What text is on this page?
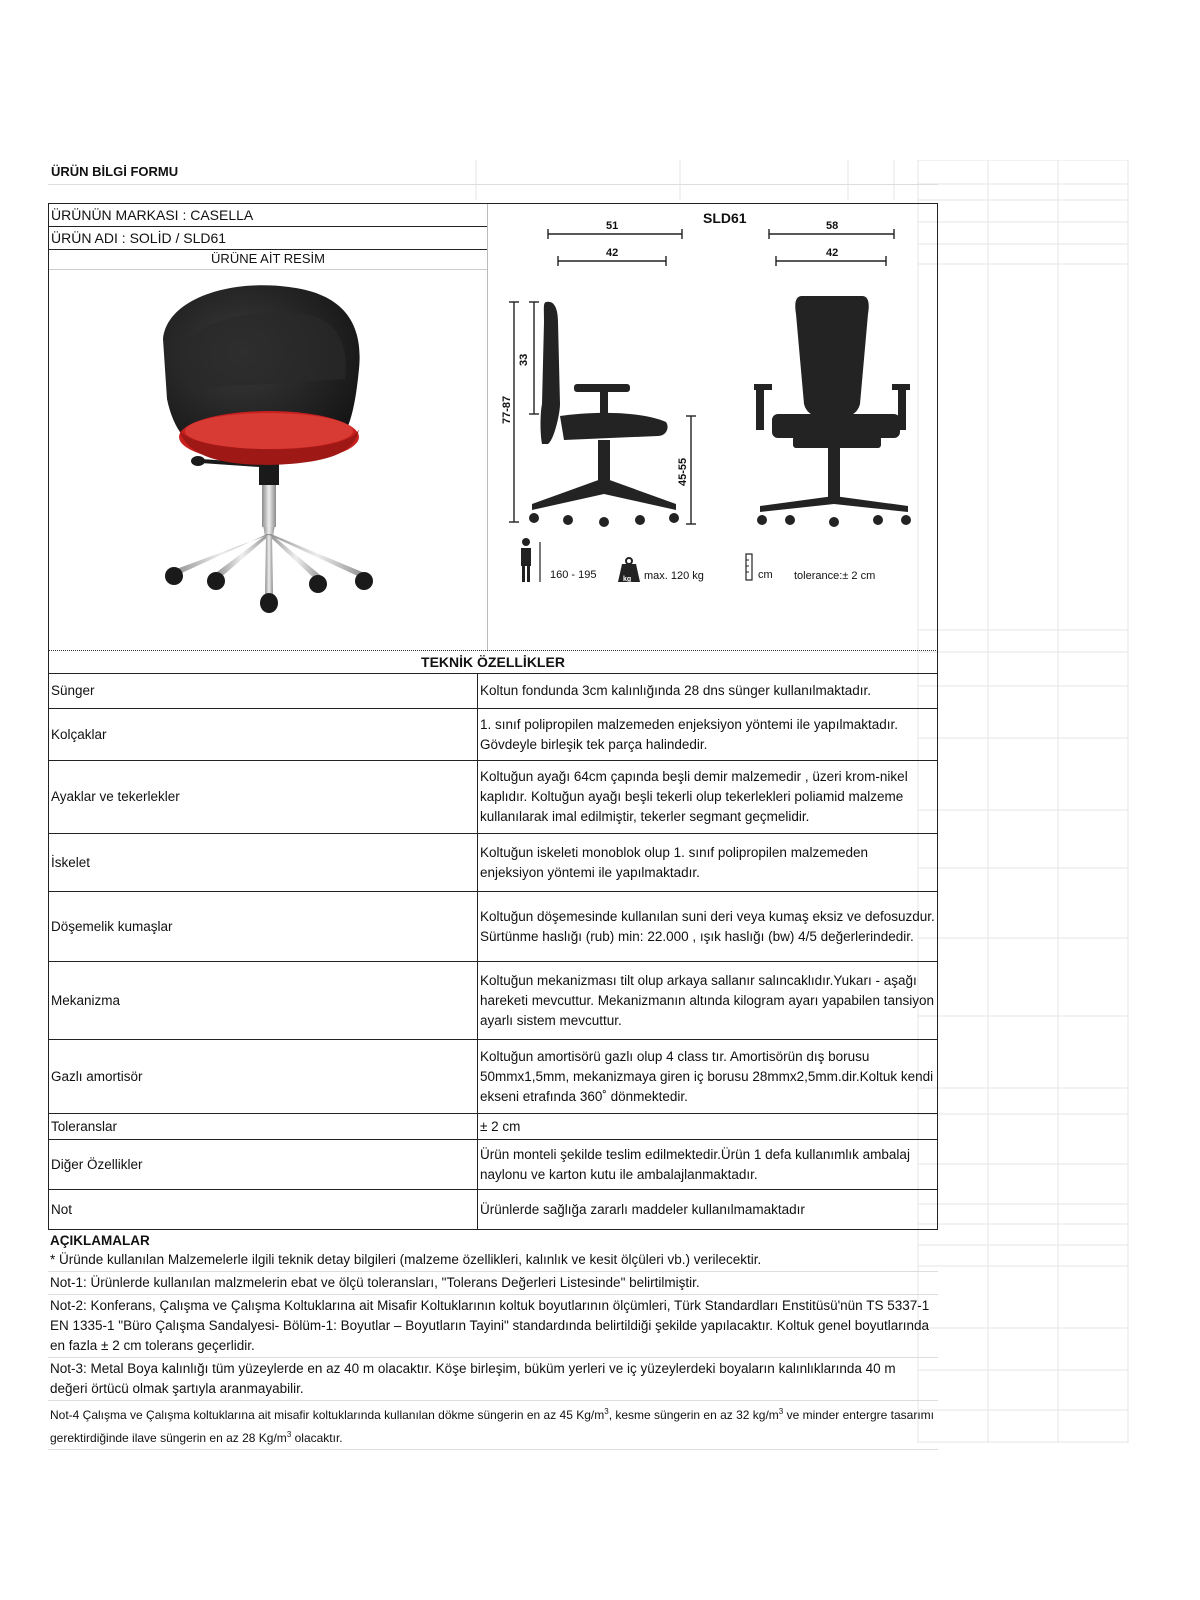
ÜRÜN BİLGİ FORMU
ÜRÜNÜN MARKASI : CASELLA
ÜRÜN ADI : SOLİD / SLD61
ÜRÜNE AİT RESİM
SLD61
51
42
58
42
33
77-87
45-55
160 - 195	kg max. 120 kg	cm tolerance:± 2 cm
TEKNİK ÖZELLİKLER
Sünger	Koltun fondunda 3cm kalınlığında 28 dns sünger kullanılmaktadır.
Kolçaklar	1. sınıf polipropilen malzemeden enjeksiyon yöntemi ile yapılmaktadır. Gövdeyle birleşik tek parça halindedir.
Ayaklar ve tekerlekler	Koltuğun ayağı 64cm çapında beşli demir malzemedir , üzeri krom-nikel kaplıdır. Koltuğun ayağı beşli tekerli olup tekerlekleri poliamid malzeme kullanılarak imal edilmiştir, tekerler segmant geçmelidir.
İskelet	Koltuğun iskeleti monoblok olup 1. sınıf polipropilen malzemeden enjeksiyon yöntemi ile yapılmaktadır.
Döşemelik kumaşlar	Koltuğun döşemesinde kullanılan suni deri veya kumaş eksiz ve defosuzdur. Sürtünme haslığı (rub) min: 22.000 , ışık haslığı (bw) 4/5 değerlerindedir.
Mekanizma	Koltuğun mekanizması tilt olup arkaya sallanır salıncaklıdır.Yukarı - aşağı hareketi mevcuttur. Mekanizmanın altında kilogram ayarı yapabilen tansiyon ayarlı sistem mevcuttur.
Gazlı amortisör	Koltuğun amortisörü gazlı olup 4 class tır. Amortisörün dış borusu 50mmx1,5mm, mekanizmaya giren iç borusu 28mmx2,5mm.dir.Koltuk kendi ekseni etrafında 360˚ dönmektedir.
Toleranslar	± 2 cm
Diğer Özellikler	Ürün monteli şekilde teslim edilmektedir.Ürün 1 defa kullanımlık ambalaj naylonu ve karton kutu ile ambalajlanmaktadır.
Not	Ürünlerde sağlığa zararlı maddeler kullanılmamaktadır
AÇIKLAMALAR
* Üründe kullanılan Malzemelerle ilgili teknik detay bilgileri (malzeme özellikleri, kalınlık ve kesit ölçüleri vb.) verilecektir.
Not-1: Ürünlerde kullanılan malzmelerin ebat ve ölçü toleransları, "Tolerans Değerleri Listesinde" belirtilmiştir.
Not-2: Konferans, Çalışma ve Çalışma Koltuklarına ait Misafir Koltuklarının koltuk boyutlarının ölçümleri, Türk Standardları Enstitüsü'nün TS 5337-1 EN 1335-1 "Büro Çalışma Sandalyesi- Bölüm-1: Boyutlar – Boyutların Tayini" standardında belirtildiği şekilde yapılacaktır. Koltuk genel boyutlarında en fazla ± 2 cm tolerans geçerlidir.
Not-3: Metal Boya kalınlığı tüm yüzeylerde en az 40 m olacaktır. Köşe birleşim, büküm yerleri ve iç yüzeylerdeki boyaların kalınlıklarında 40 m değeri örtücü olmak şartıyla aranmayabilir.
Not-4 Çalışma ve Çalışma koltuklarına ait misafir koltuklarında kullanılan dökme süngerin en az 45 $Kg/m^3$, kesme süngerin en az 32 $kg/m^3$ ve minder entergre tasarımı gerektirdiğinde ilave süngerin en az 28 $Kg/m^3$ olacaktır.
